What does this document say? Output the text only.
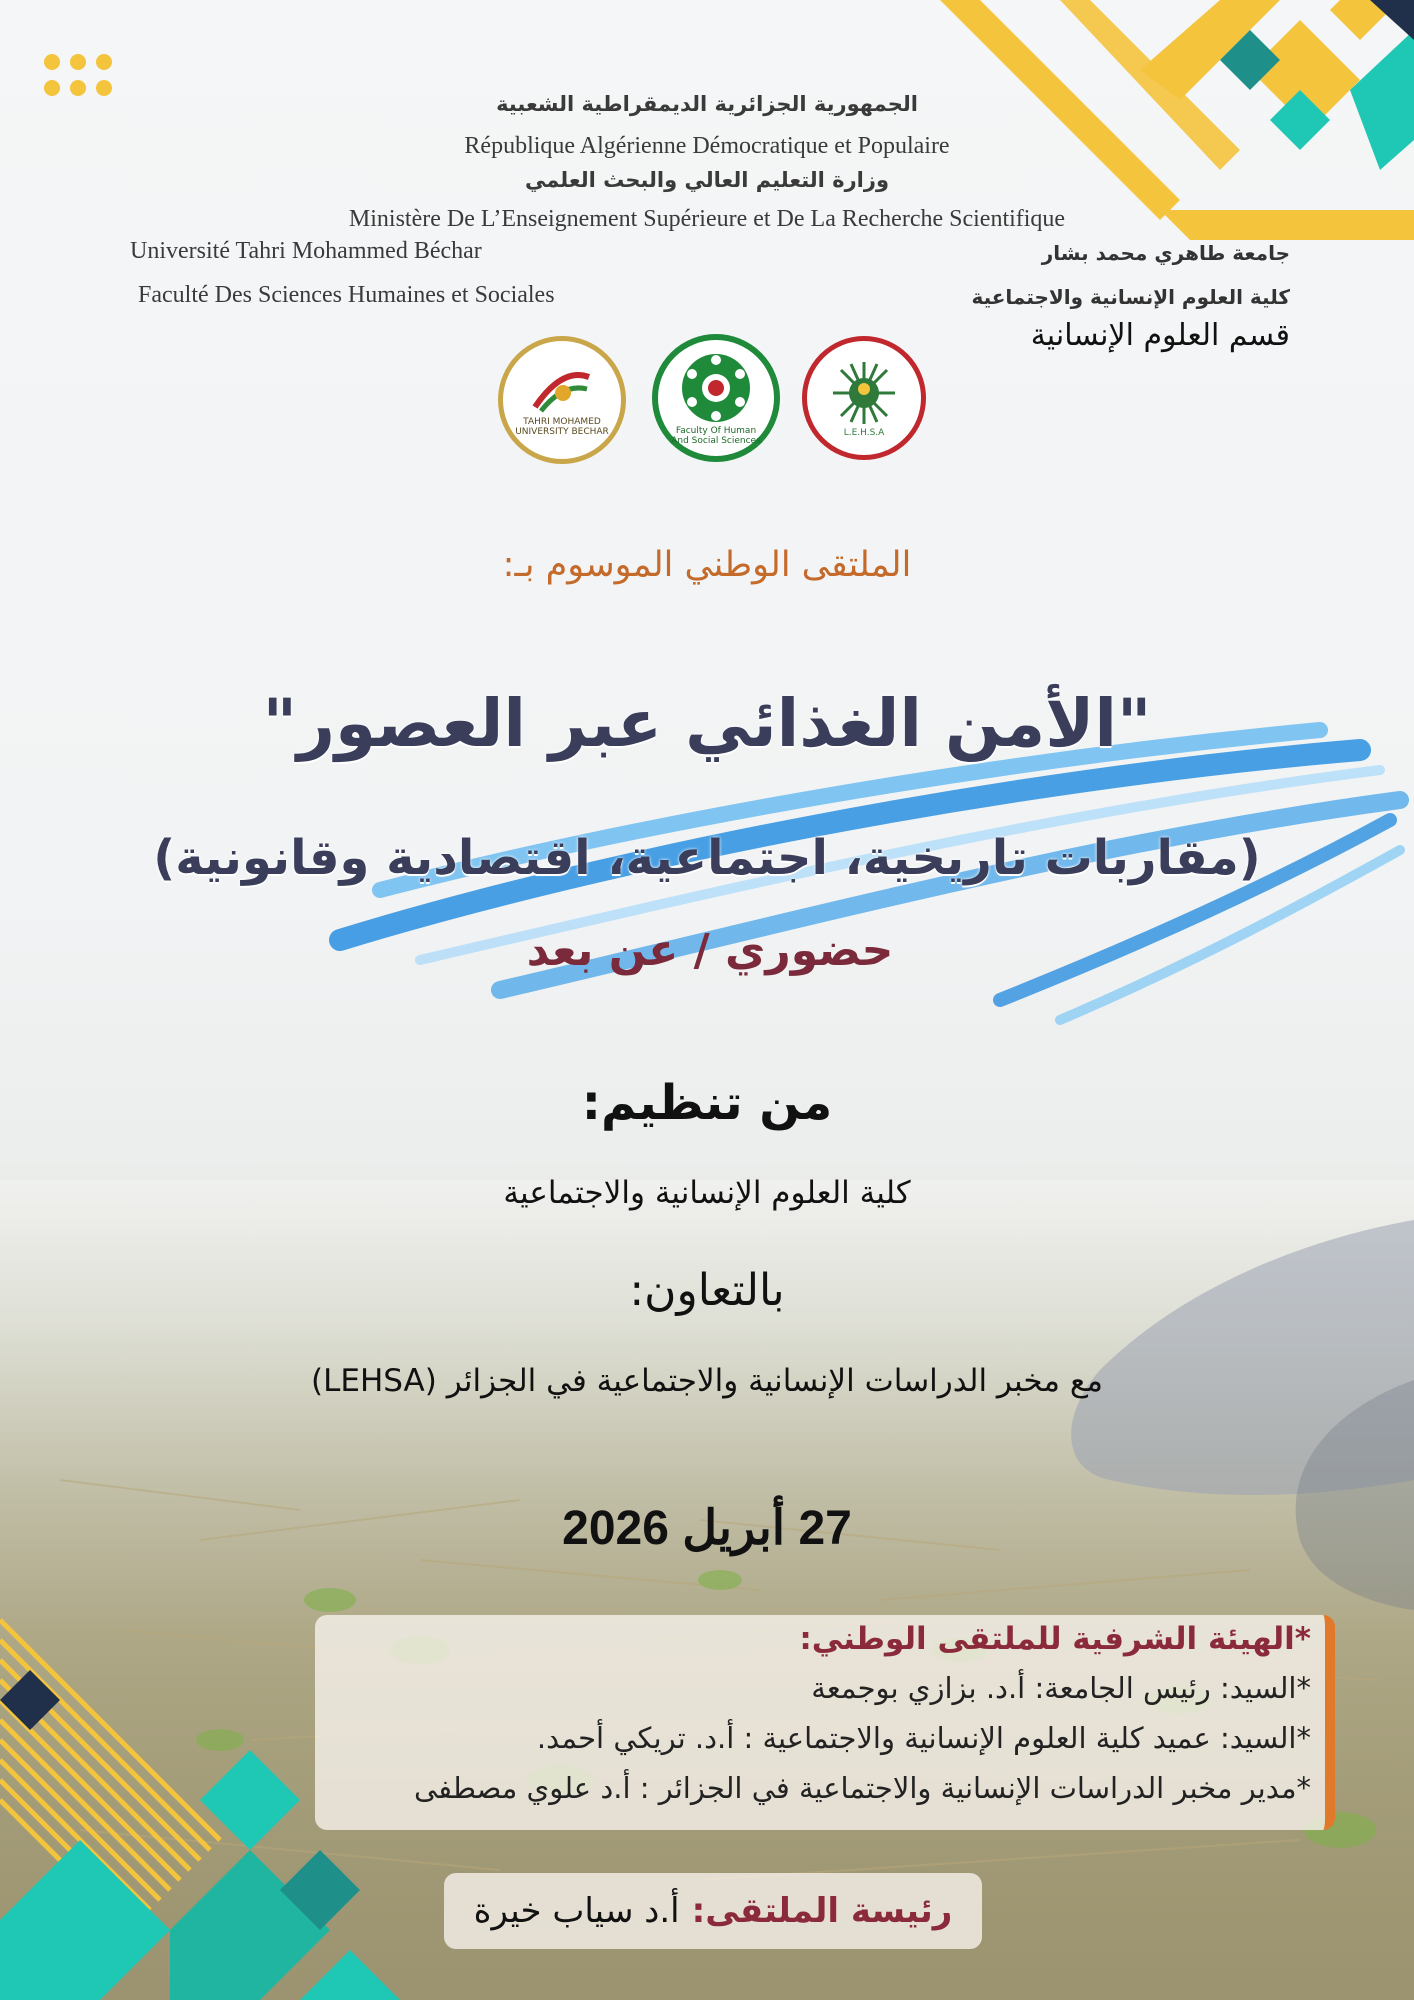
الجمهورية الجزائرية الديمقراطية الشعبية
République Algérienne Démocratique et Populaire
وزارة التعليم العالي والبحث العلمي
Ministère De L’Enseignement Supérieure et De La Recherche Scientifique
Université Tahri Mohammed Béchar
Faculté Des Sciences Humaines et Sociales
جامعة طاهري محمد بشار
كلية العلوم الإنسانية والاجتماعية
قسم العلوم الإنسانية
TAHRI MOHAMED UNIVERSITY BECHAR	Faculty Of Human And Social Sciences
L.E.H.S.A
الملتقى الوطني الموسوم بـ:
"الأمن الغذائي عبر العصور"
(مقاربات تاريخية، اجتماعية، اقتصادية وقانونية)
حضوري / عن بعد
من تنظيم:
كلية العلوم الإنسانية والاجتماعية
بالتعاون:
مع مخبر الدراسات الإنسانية والاجتماعية في الجزائر (LEHSA)
27 أبريل 2026
*الهيئة الشرفية للملتقى الوطني:
*السيد: رئيس الجامعة: أ.د. بزازي بوجمعة
*السيد: عميد كلية العلوم الإنسانية والاجتماعية : أ.د. تريكي أحمد.
*مدير مخبر الدراسات الإنسانية والاجتماعية في الجزائر : أ.د علوي مصطفى
رئيسة الملتقى:
أ.د سياب خيرة
